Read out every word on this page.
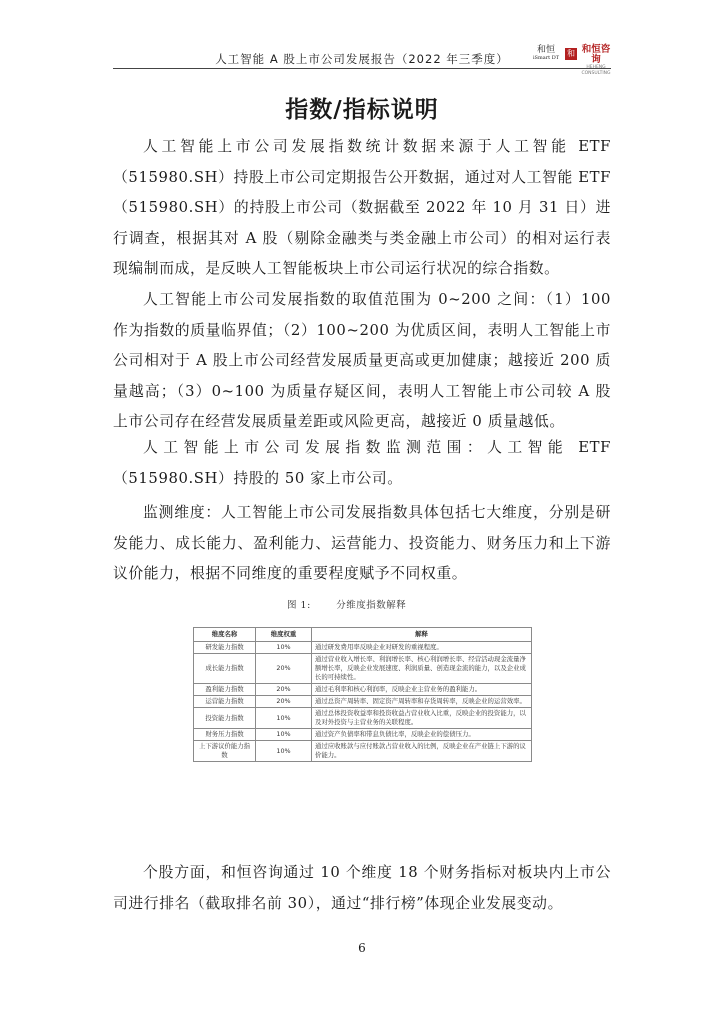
人工智能 A 股上市公司发展报告（2022 年三季度）
和恒
iSmart DT 和 和恒咨询
CONSULTING
指数/指标说明

人工智能上市公司发展指数统计数据来源于人工智能 ETF（515980.SH）持股上市公司定期报告公开数据，通过对人工智能 ETF（515980.SH）的持股上市公司（数据截至 2022 年 10 月 31 日）进行调查，根据其对 A 股（剔除金融类与类金融上市公司）的相对运行表现编制而成，是反映人工智能板块上市公司运行状况的综合指数。

人工智能上市公司发展指数的取值范围为 0~200 之间：（1）100 作为指数的质量临界值；（2）100~200 为优质区间，表明人工智能上市公司相对于 A 股上市公司经营发展质量更高或更加健康；越接近 200 质量越高；（3）0~100 为质量存疑区间，表明人工智能上市公司较 A 股上市公司存在经营发展质量差距或风险更高，越接近 0 质量越低。

人工智能上市公司发展指数监测范围：人工智能 ETF（515980.SH）持股的 50 家上市公司。

监测维度：人工智能上市公司发展指数具体包括七大维度，分别是研发能力、成长能力、盈利能力、运营能力、投资能力、财务压力和上下游议价能力，根据不同维度的重要程度赋予不同权重。

图 1:	分维度指数解释
维度名称	维度权重	解释
研发能力指数	10%	通过研发费用率反映企业对研发的重视程度。
成长能力指数	20%	通过营业收入增长率、利润增长率、核心利润增长率、经营活动现金流量净额增长率，反映企业发展速度、利润质量、创造现金流的能力，以及企业成长的可持续性。
盈利能力指数	20%	通过毛利率和核心利润率，反映企业主营业务的盈利能力。
运营能力指数	20%	通过总资产周转率、固定资产周转率和存货周转率，反映企业的运营效率。
投资能力指数	10%	通过总体投资收益率和投资收益占营业收入比重，反映企业的投资能力，以及对外投资与主营业务的关联程度。
财务压力指数	10%	通过资产负债率和带息负债比率，反映企业的偿债压力。
上下游议价能力指数	10%	通过应收账款与应付账款占营业收入的比例，反映企业在产业链上下游的议价能力。

个股方面，和恒咨询通过 10 个维度 18 个财务指标对板块内上市公司进行排名（截取排名前 30），通过“排行榜”体现企业发展变动。

6
